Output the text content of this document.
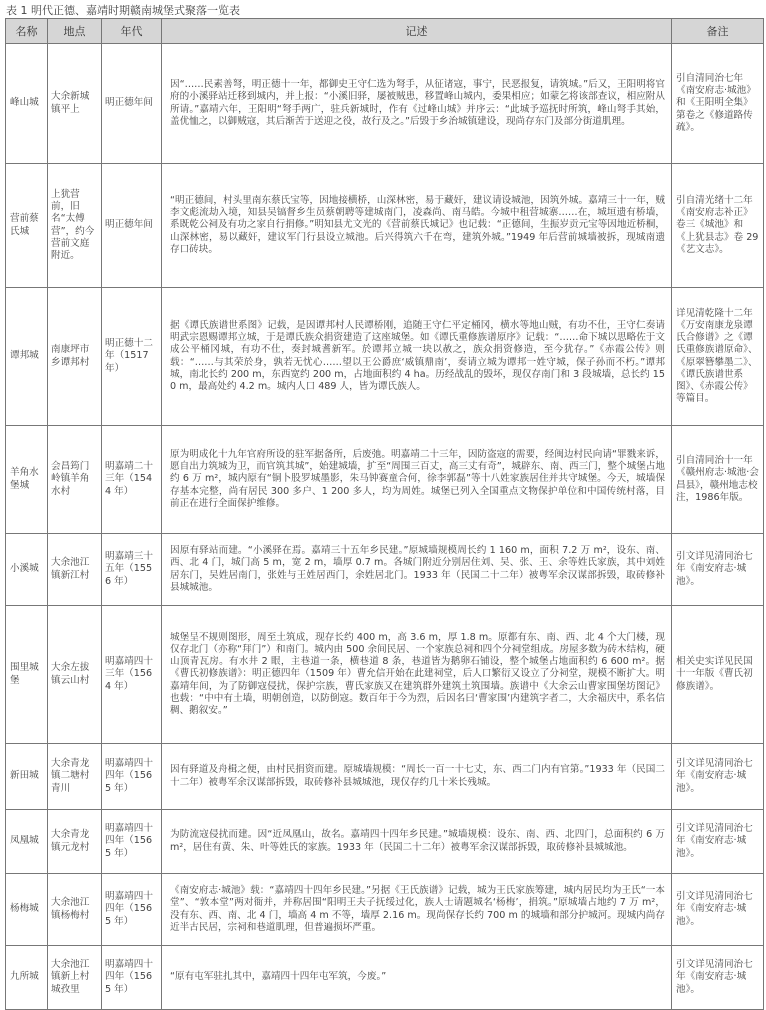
表 1 明代正德、嘉靖时期赣南城堡式聚落一览表
名称	地点	年代	记述	备注
峰山城	大余新城镇平上	明正德年间	因“……民素善弩，明正德十一年，都御史王守仁选为弩手，从征诸寇，事宁，民恶报复，请筑城。”后又，王阳明将官府的小溪驿站迁移到城内，并上报：“小溪旧驿，屡被贼患，移置峰山城内，委果相应；如蒙乞将该部查议，相应附从所请。”嘉靖六年，王阳明“弩手两广，驻兵新城时，作有《过峰山城》并序云：“此城予巡抚时所筑，峰山弩手其始，盖优恤之，以御贼寇，其后渐苦于送迎之役，故行及之。”后毁于乡治城镇建设，现尚存东门及部分街道肌理。	引自清同治七年《南安府志·城池》和《王阳明全集》第卷之《修道路传疏》。
营前蔡氏城	上犹营前，旧名“太傅营”，约今营前文庭附近。	明正德年间	“明正德间，村头里南东蔡氏宝等，因地接横桥，山深林密，易于藏奸，建议请设城池，因筑外城。嘉靖三十一年，贼李文彪流劫入境，知县吴镐督乡生员蔡朝聘等建城南门，凌森尚、南马皓。今城中租营城寨……在，城垣遗有桥墙，系既乾公祠及有功之家自行捐修。”明知县尤文光的《营前蔡氏城记》也记载：“正德间，生振岁贡元宝等因地近桥桐，山深林密，易以藏奸，建议军门行县设立城池。后兴得筑六千在弯，建筑外城。”1949 年后营前城墙被拆，现城南遗存口砖块。	引自清光绪十二年《南安府志补正》卷三《城池》和《上犹县志》卷 29《艺文志》。
谭邦城	南康坪市乡谭邦村	明正德十二年（1517年）	据《谭氏族谱世系图》记载，是因谭邦村人民谭桥刚，追随王守仁平定桶冈，横水等地山贼，有功不仕，王守仁奏请明武宗恩赐谭邦立城，于是谭氏族众捐资建造了这座城堡。如《谭氏重修族谱原序》记载：“……命下城以思略佐于文成公平桶冈城，有功不仕，奏封城耆新军。於谭邦立城一块以赦之，族众捐资修造，至今犹存。”《赤霞公传》则载：“……与其荣於身，孰若无忧心……望以王公爵庶‘威镇鼎南’，奏请立城为谭邦一姓守城，保子孙而不朽。”谭邦城，南北长约 200 m，东西宽约 200 m，占地面积约 4 ha。历经战乱的毁坏，现仅存南门和 3 段城墙，总长约 150 m，最高处约 4.2 m。城内人口 489 人，皆为谭氏族人。	详见清乾隆十二年《万安南康龙泉谭氏合修谱》之《谭氏重修族谱原命》、《原翠簪攀墨二》、《谭氏族谱世系图》、《赤霞公传》等篇目。
羊角水堡城	会昌筠门岭镇羊角水村	明嘉靖二十三年（1544 年）	原为明成化十九年官府所设的驻军据备所，后废弛。明嘉靖二十三年，因防盗寇的需要，经闽边村民向请“罪戮来诉，愿自出力筑城为卫，而官筑其城”，始建城墙，扩至“周围三百丈，高三丈有奇”，城辟东、南、西三门，整个城堡占地约 6 万 m²，城内原有“铜卜股罗城墨影，朱马钟赛童合何，徐李郭磊”等十八姓家族居住并共守城堡。今天，城墙保存基本完整，尚有居民 300 多户、1 200 多人，均为周姓。城堡已列入全国重点文物保护单位和中国传统村落，目前正在进行全面保护维修。	引自清同治十一年《赣州府志·城池·会昌县》，赣州地志校注，1986年版。
小溪城	大余池江镇新江村	明嘉靖三十五年（1556 年）	因原有驿站而建。“小溪驿在焉。嘉靖三十五年乡民建。”原城墙规模周长约 1 160 m，面积 7.2 万 m²，设东、南、西、北 4 门，城门高 5 m，宽 2 m，墙厚 0.7 m。各城门附近分别居住刘、吴、张、王、余等姓氏家族，其中刘姓居东门，吴姓居南门，张姓与王姓居西门，余姓居北门。1933 年（民国二十二年）被粤军余汉谋部拆毁，取砖修补县城城池。	引文详见清同治七年《南安府志·城池》。
围里城堡	大余左拔镇云山村	明嘉靖四十三年（1564 年）	城堡呈不规则图形，周至土筑成，现存长约 400 m，高 3.6 m，厚 1.8 m。原都有东、南、西、北 4 个大门楼，现仅存北门（亦称“拜门”）和南门。城内由 500 余间民居、一个家族总祠和四个分祠堂组成。房屋多数为砖木结构，硬山顶青瓦房。有水井 2 眼，主巷道一条，横巷道 8 条，巷道皆为鹅卵石铺设，整个城堡占地面积约 6 600 m²。据《曹氏初修族谱》：明正德四年（1509 年）曹允信开始在此建祠堂，后人口繁衍又设立了分祠堂，规模不断扩大。明嘉靖年间，为了防御寇侵扰，保护宗族，曹氏家族又在建筑群外建筑土筑围墙。族谱中《大余云山曹家围堡坊图记》也载：“中中有土墙，明朝创造，以防倒寇。数百年于今为烈，后因名曰‘曹家围’内建筑字者二，大余福庆中，系名信稠、鹅叙安。”	相关史实详见民国十一年版《曹氏初修族谱》。
新田城	大余青龙镇二塘村青川	明嘉靖四十四年（1565 年）	因有驿道及舟楫之便，由村民捐资而建。原城墙规模：“周长一百一十七丈，东、西二门内有官第。”1933 年（民国二十二年）被粤军余汉谋部拆毁，取砖修补县城城池，现仅存约几十米长残城。	引文详见清同治七年《南安府志·城池》。
凤凰城	大余青龙镇元龙村	明嘉靖四十四年（1565 年）	为防流寇侵扰而建。因“近凤凰山，故名。嘉靖四十四年乡民建。”城墙规模：设东、南、西、北四门，总面积约 6 万 m²，居住有黄、朱、叶等姓氏的家族。1933 年（民国二十二年）被粤军余汉谋部拆毁，取砖修补县城城池。	引文详见清同治七年《南安府志·城池》。
杨梅城	大余池江镇杨梅村	明嘉靖四十四年（1565 年）	《南安府志·城池》载：“嘉靖四十四年乡民建。”另据《王氏族谱》记载，城为王氏家族筹建，城内居民均为王氏“一本堂”、“敦本堂”两对衙并，并称居围“阳明王夫子抚绥过化，族人士请题城名‘杨梅’，捐筑。”原城墙占地约 7 万 m²，没有东、西、南、北 4 门，墙高 4 m 不等，墙厚 2.16 m。现尚保存长约 700 m 的城墙和部分护城河。现城内尚存近半古民居，宗祠和巷道肌理，但普遍损坏严重。	引文详见清同治七年《南安府志·城池》。
九所城	大余池江镇新上村城孜里	明嘉靖四十四年（1565 年）	“原有屯军驻扎其中，嘉靖四十四年屯军筑，今废。”	引文详见清同治七年《南安府志·城池》。
